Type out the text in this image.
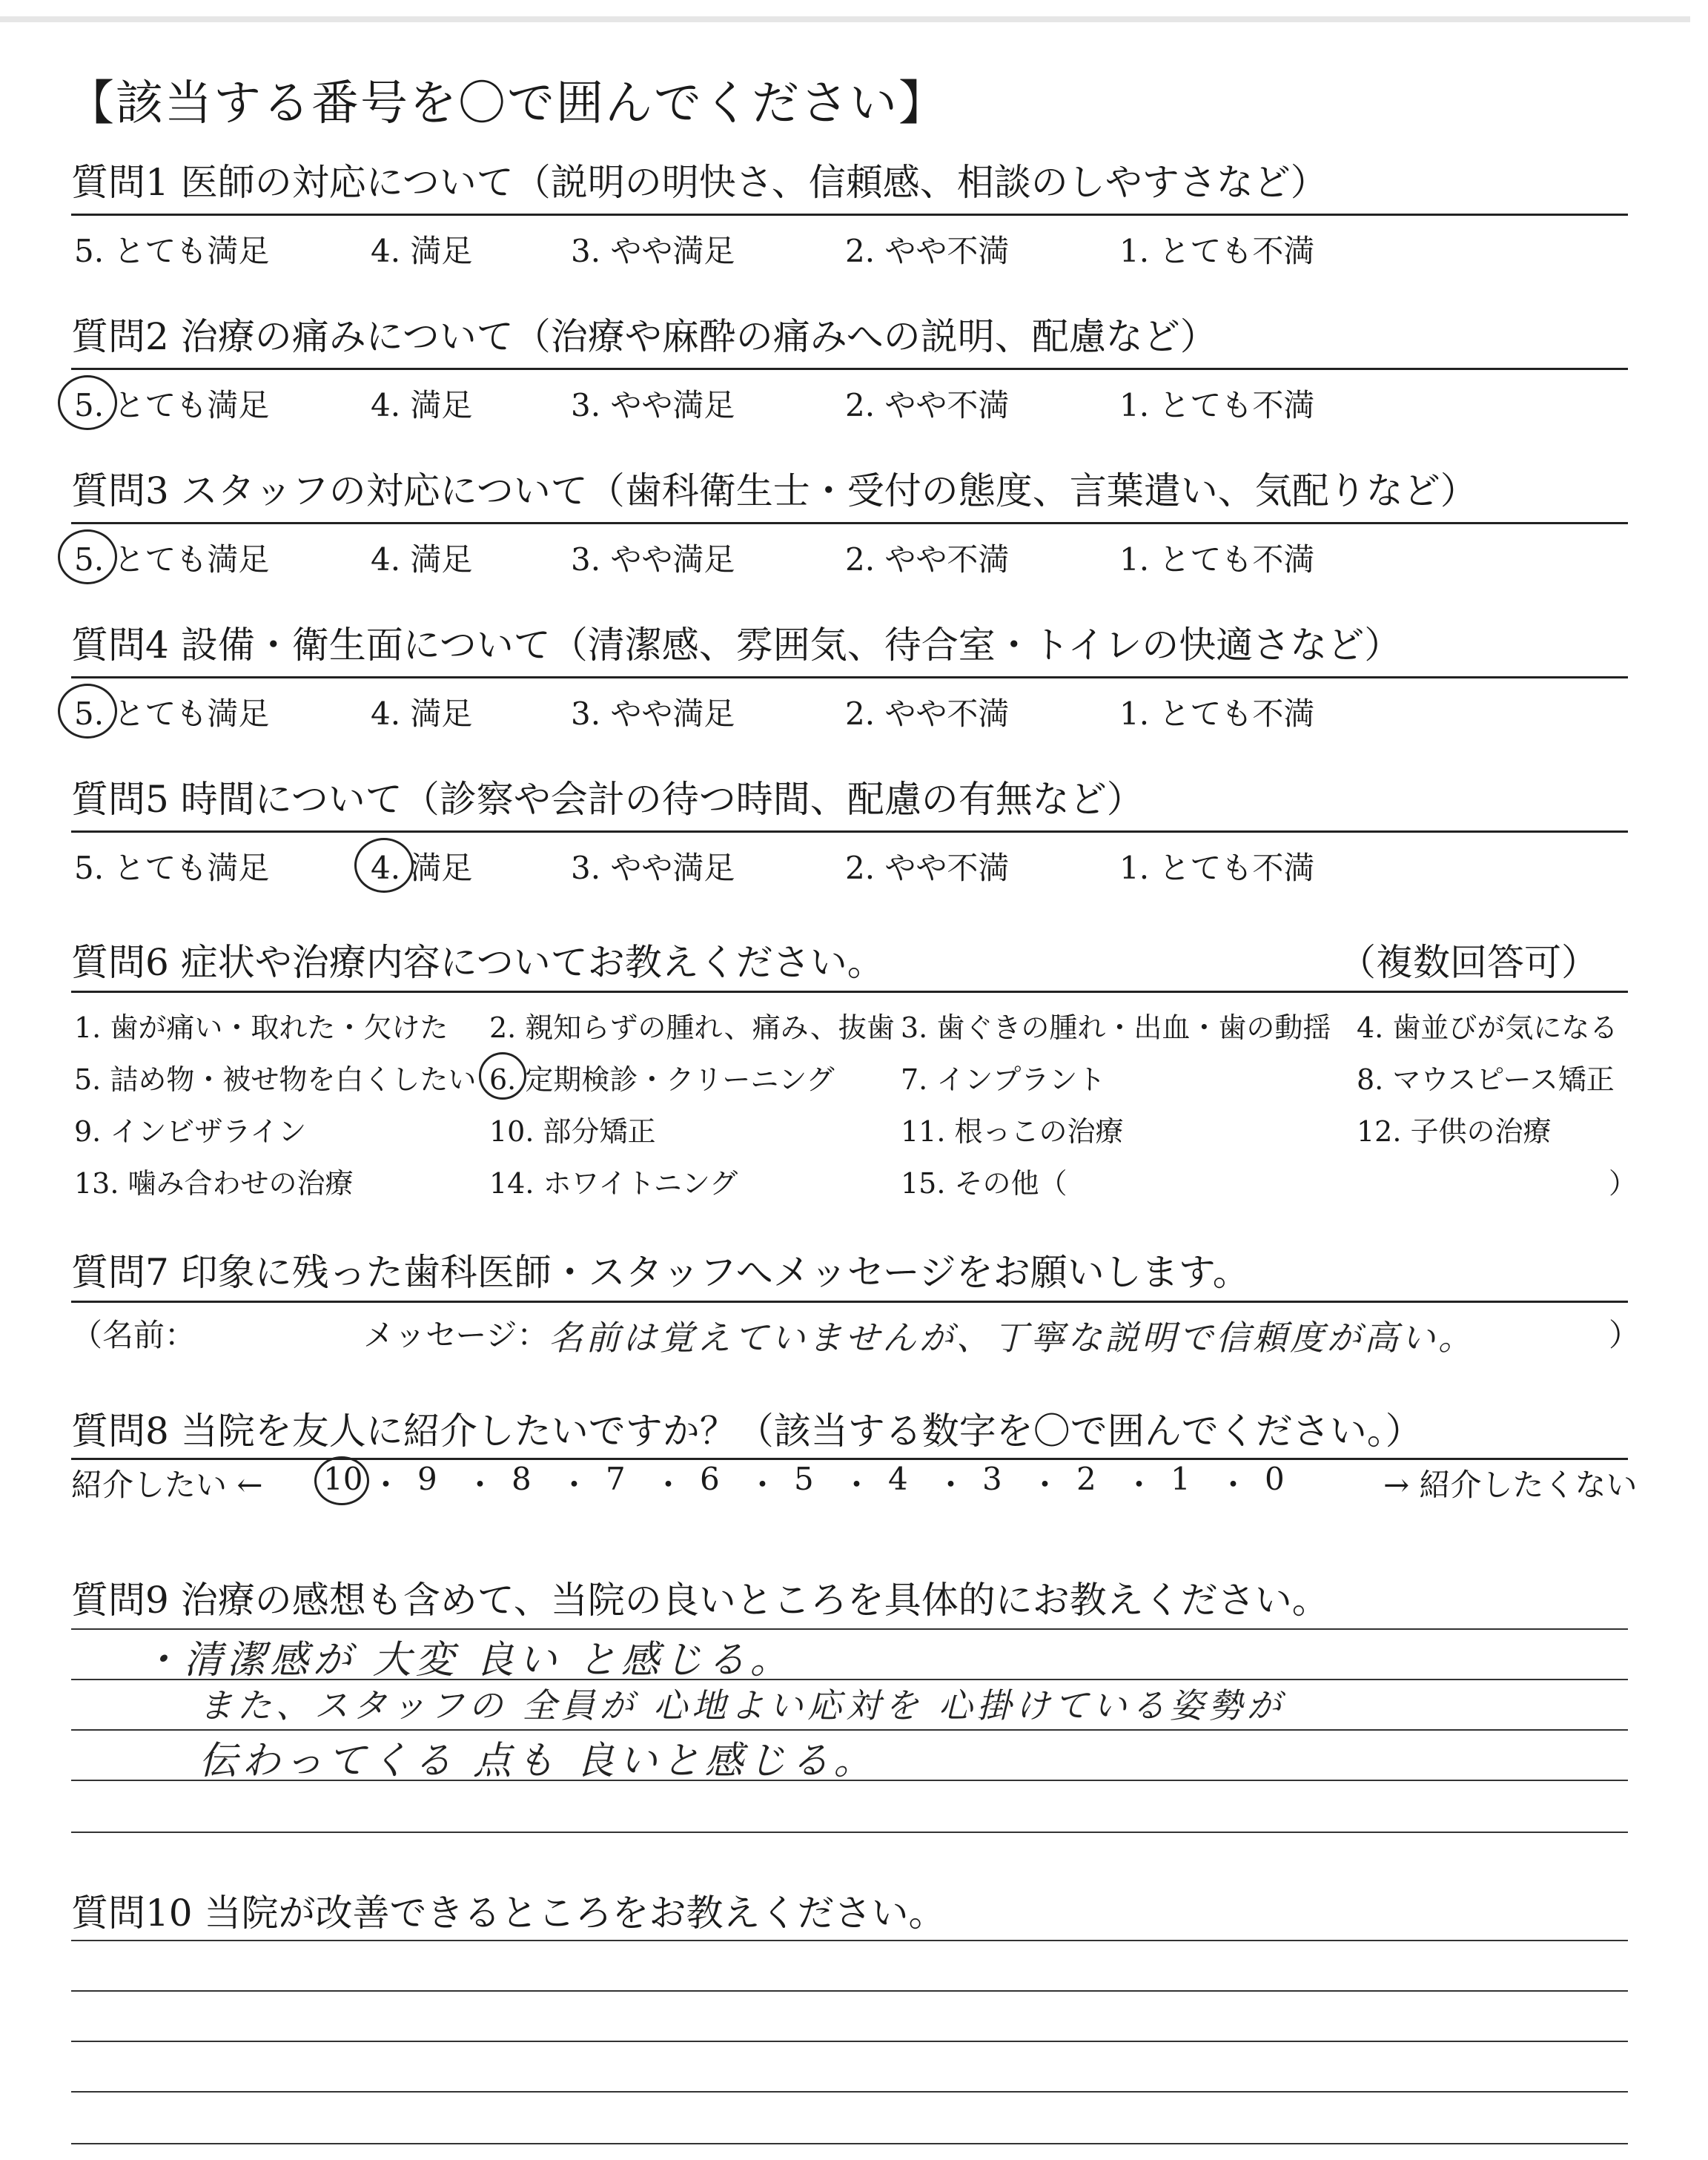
【該当する番号を〇で囲んでください】
質問1 医師の対応について（説明の明快さ、信頼感、相談のしやすさなど）
5. とても満足	4. 満足	3. やや満足	2. やや不満	1. とても不満
質問2 治療の痛みについて（治療や麻酔の痛みへの説明、配慮など）
5. とても満足	4. 満足	3. やや満足	2. やや不満	1. とても不満
質問3 スタッフの対応について（歯科衛生士・受付の態度、言葉遣い、気配りなど）
5. とても満足	4. 満足	3. やや満足	2. やや不満	1. とても不満
質問4 設備・衛生面について（清潔感、雰囲気、待合室・トイレの快適さなど）
5. とても満足	4. 満足	3. やや満足	2. やや不満	1. とても不満
質問5 時間について（診察や会計の待つ時間、配慮の有無など）
5. とても満足	4. 満足	3. やや満足	2. やや不満	1. とても不満
質問6 症状や治療内容についてお教えください。	（複数回答可）
1. 歯が痛い・取れた・欠けた 2. 親知らずの腫れ、痛み、抜歯 3. 歯ぐきの腫れ・出血・歯の動揺 4. 歯並びが気になる
5. 詰め物・被せ物を白くしたい 6. 定期検診・クリーニング 7. インプラント	8. マウスピース矯正
9. インビザライン	10. 部分矯正	11. 根っこの治療	12. 子供の治療
13. 噛み合わせの治療	14. ホワイトニング	15. その他（	）
質問7 印象に残った歯科医師・スタッフへメッセージをお願いします。
（名前：	メッセージ： 名前は覚えていませんが、丁寧な説明で信頼度が高い。	）
質問8 当院を友人に紹介したいですか？（該当する数字を〇で囲んでください。）
紹介したい ←	→ 紹介したくない
10 ・ 9 ・ 8 ・ 7 ・ 6 ・ 5 ・ 4 ・ 3 ・ 2 ・ 1 ・ 0
質問9 治療の感想も含めて、当院の良いところを具体的にお教えください。
・清潔感が 大変 良い と感じる。
また、スタッフの 全員が 心地よい応対を 心掛けている姿勢が
伝わってくる 点も 良いと感じる。
質問10 当院が改善できるところをお教えください。
